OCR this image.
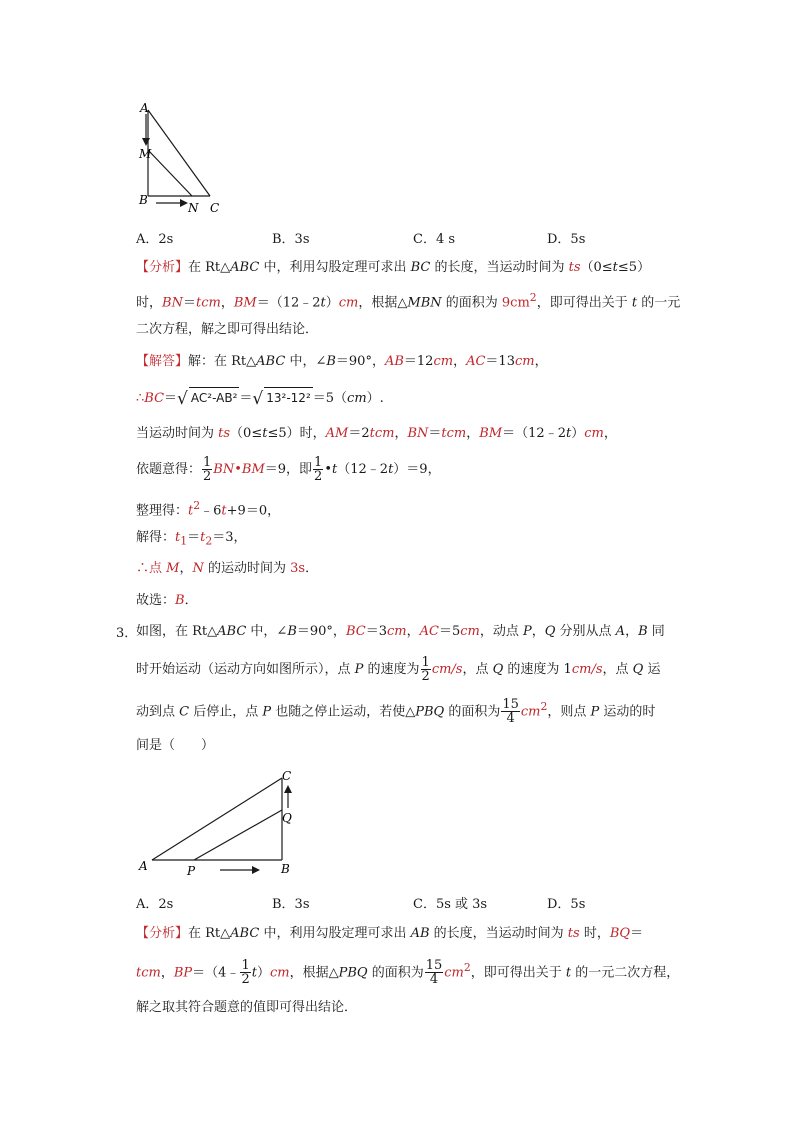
A
M
B
N C
A．2s	B．3s	C．4 s	D．5s
【分析】在 Rt△ABC 中，利用勾股定理可求出 BC 的长度，当运动时间为 ts（0≤t≤5）
时，BN＝tcm，BM＝（12﹣2t）cm，根据△MBN 的面积为 $9cm^2$，即可得出关于 t 的一元
二次方程，解之即可得出结论．
【解答】解：在 Rt△ABC 中，∠B＝90°，AB＝12cm，AC＝13cm，
∴BC＝√ AC²-AB² ＝√ 13²-12² ＝5（cm）.
当运动时间为 ts（0≤t≤5）时，AM＝2tcm，BN＝tcm，BM＝（12﹣2t）cm，
依题意得： $\frac{1}{2}$ BN•BM＝9，即 $\frac{1}{2}$ •t（12﹣2t）＝9，
整理得：$t^2﹣6t+9=0$，
解得：$t_1=t_2=3$，
∴点 M，N 的运动时间为 3s．
故选：B．
3．
如图，在 Rt△ABC 中，∠B＝90°，BC＝3cm，AC＝5cm，动点 P，Q 分别从点 A，B 同
时开始运动（运动方向如图所示），点 P 的速度为 $\frac{1}{2} cm/s$，点 Q 的速度为 1cm/s，点 Q 运
动到点 C 后停止，点 P 也随之停止运动，若使△PBQ 的面积为 $\frac{15}{4} cm^2$，则点 P 运动的时
间是（　　）
A	P	B
Q
C
A．2s	B．3s	C．5s 或 3s	D．5s
【分析】在 Rt△ABC 中，利用勾股定理可求出 AB 的长度，当运动时间为 ts 时，BQ＝
tcm，BP＝（4﹣ $\frac{1}{2} t)cm$，根据△PBQ 的面积为 $\frac{15}{4} cm^2$，即可得出关于 t 的一元二次方程，
解之取其符合题意的值即可得出结论．
